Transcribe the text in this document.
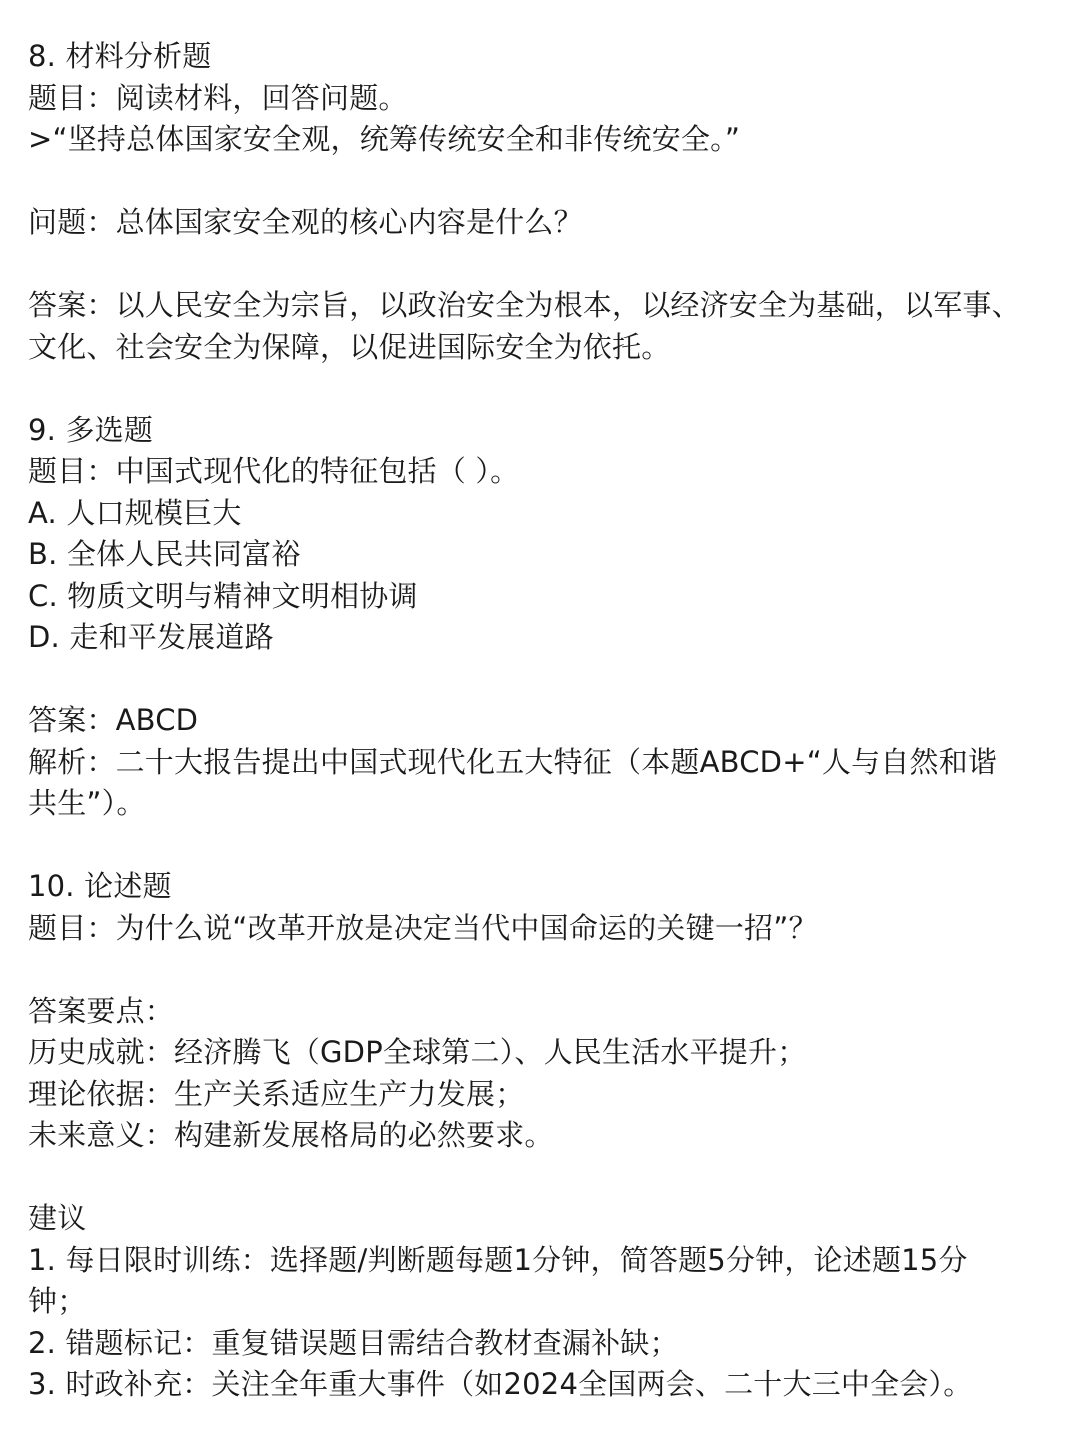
8. 材料分析题
题目：阅读材料，回答问题。
>“坚持总体国家安全观，统筹传统安全和非传统安全。”
问题：总体国家安全观的核心内容是什么？
答案：以人民安全为宗旨，以政治安全为根本，以经济安全为基础，以军事、
文化、社会安全为保障，以促进国际安全为依托。
9. 多选题
题目：中国式现代化的特征包括（ ）。
A. 人口规模巨大
B. 全体人民共同富裕
C. 物质文明与精神文明相协调
D. 走和平发展道路
答案：ABCD
解析：二十大报告提出中国式现代化五大特征（本题ABCD+“人与自然和谐
共生”）。
10. 论述题
题目：为什么说“改革开放是决定当代中国命运的关键一招”？
答案要点：
历史成就：经济腾飞（GDP全球第二）、人民生活水平提升；
理论依据：生产关系适应生产力发展；
未来意义：构建新发展格局的必然要求。
建议
1. 每日限时训练：选择题/判断题每题1分钟，简答题5分钟，论述题15分
钟；
2. 错题标记：重复错误题目需结合教材查漏补缺；
3. 时政补充：关注全年重大事件（如2024全国两会、二十大三中全会）。
